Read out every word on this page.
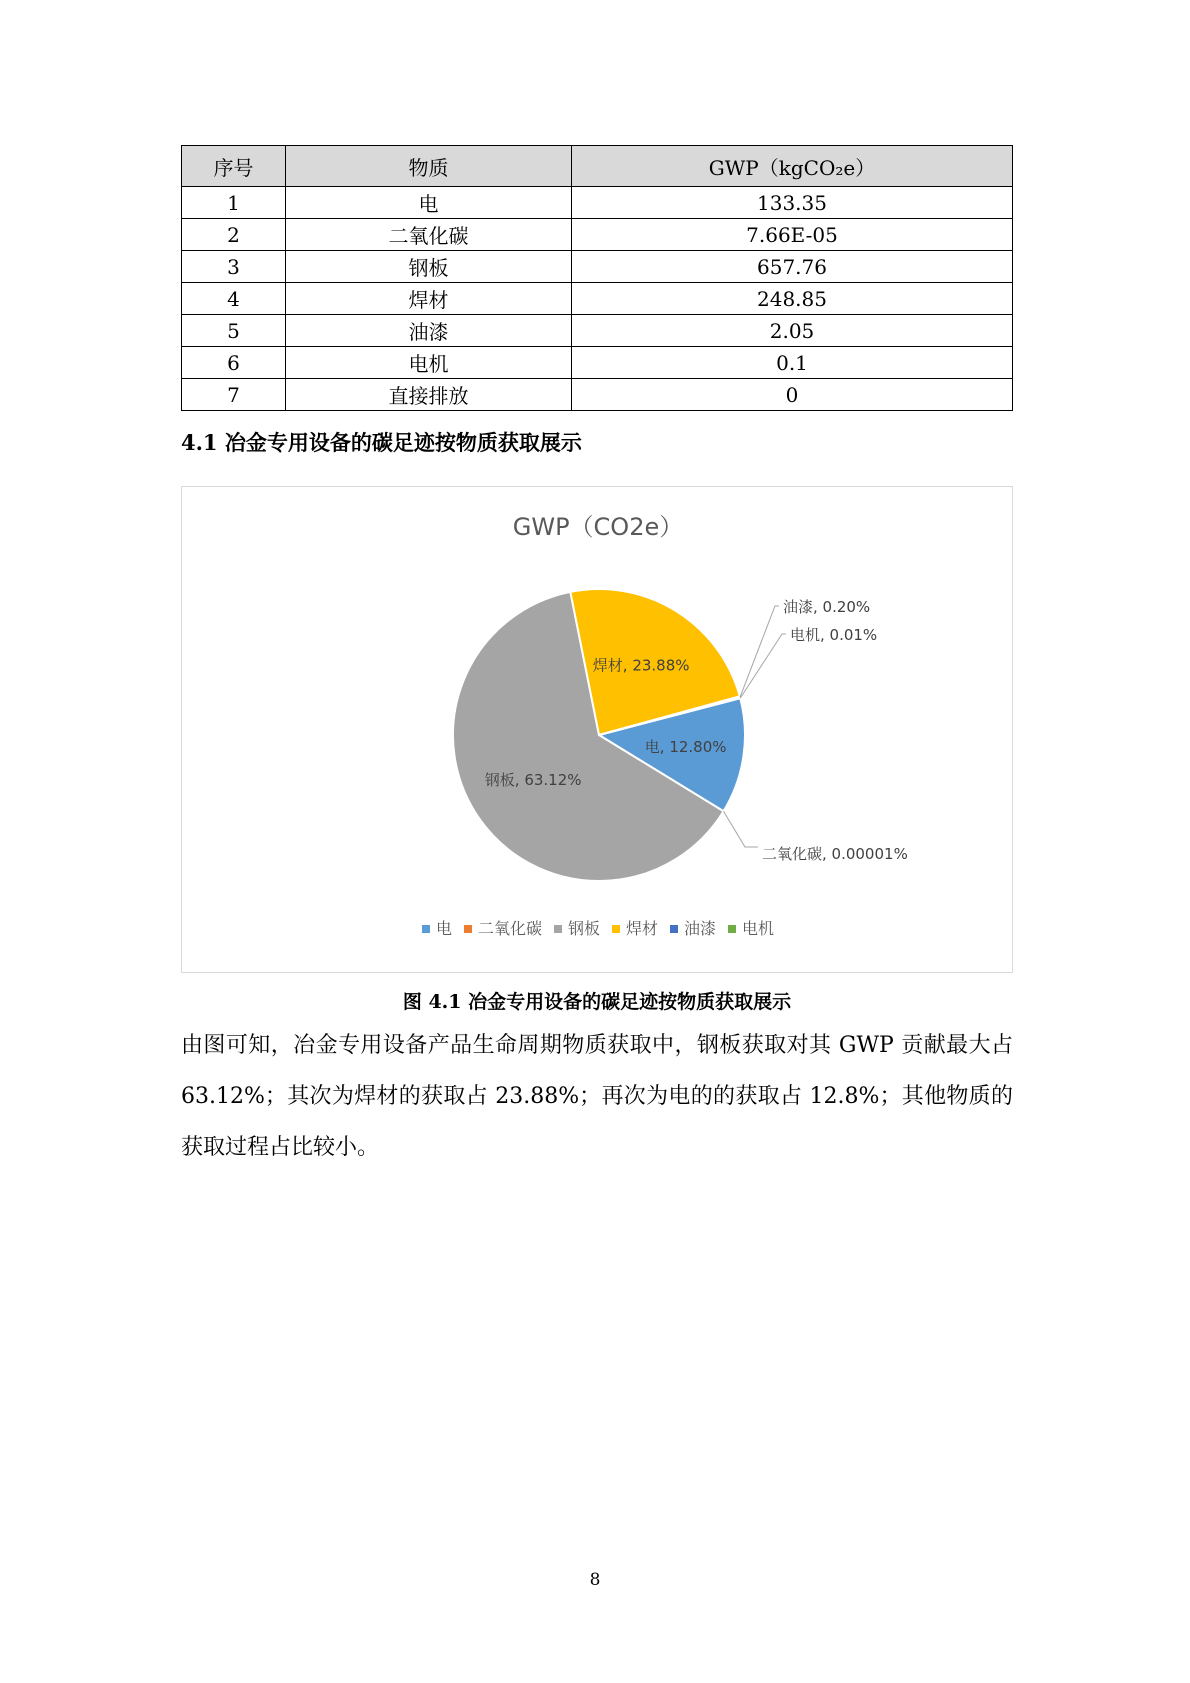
序号	物质	GWP（kgCO₂e）
1	电	133.35
2	二氧化碳	7.66E-05
3	钢板	657.76
4	焊材	248.85
5	油漆	2.05
6	电机	0.1
7	直接排放	0
4.1 冶金专用设备的碳足迹按物质获取展示
GWP（CO2e）
电, 12.80%
二氧化碳, 0.00001%
钢板, 63.12%
焊材, 23.88%
油漆, 0.20%
电机, 0.01%
电 二氧化碳 钢板 焊材 油漆 电机
图 4.1 冶金专用设备的碳足迹按物质获取展示
由图可知，冶金专用设备产品生命周期物质获取中，钢板获取对其 GWP 贡献最大占 63.12%；其次为焊材的获取占 23.88%；再次为电的的获取占 12.8%；其他物质的获取过程占比较小。
8
